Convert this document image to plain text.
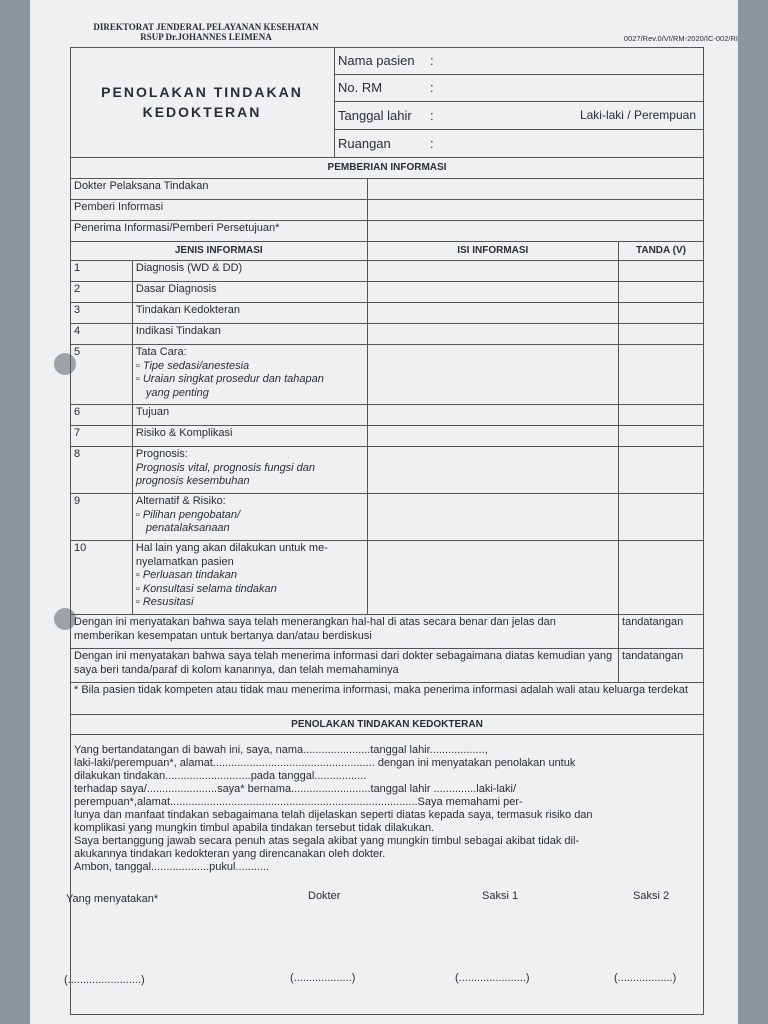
DIREKTORAT JENDERAL PELAYANAN KESEHATAN
RSUP Dr.JOHANNES LEIMENA	0027/Rev.0/VI/RM-2020/IC-002/RI
PENOLAKAN TINDAKAN
KEDOKTERAN
Nama pasien	:
No. RM	:
Tanggal lahir	:	Laki-laki / Perempuan
Ruangan	:
PEMBERIAN INFORMASI			
Dokter Pelaksana Tindakan			
Pemberi Informasi			
Penerima Informasi/Pemberi Persetujuan*			
JENIS INFORMASI		ISI INFORMASI	TANDA (V)
1	Diagnosis (WD & DD)		
2	Dasar Diagnosis		
3	Tindakan Kedokteran		
4	Indikasi Tindakan		
5	Tata Cara:
▫ Tipe sedasi/anestesia
▫ Uraian singkat prosedur dan tahapan
yang penting		

6	Tujuan		
7	Risiko & Komplikasi		
8	Prognosis:
Prognosis vital, prognosis fungsi dan
prognosis kesembuhan		

9	Alternatif & Risiko:
▫ Pilihan pengobatan/
penatalaksanaan		

10	Hal lain yang akan dilakukan untuk me-
nyelamatkan pasien
▫ Perluasan tindakan
▫ Konsultasi selama tindakan
▫ Resusitasi		

Dengan ini menyatakan bahwa saya telah menerangkan hal-hal di atas secara benar dan jelas dan memberikan kesempatan untuk bertanya dan/atau berdiskusi			tandatangan
Dengan ini menyatakan bahwa saya telah menerima informasi dari dokter sebagaimana diatas kemudian yang saya beri tanda/paraf di kolom kanannya, dan telah memahaminya			tandatangan
* Bila pasien tidak kompeten atau tidak mau menerima informasi, maka penerima informasi adalah wali atau keluarga terdekat			
PENOLAKAN TINDAKAN KEDOKTERAN			
Yang bertandatangan di bawah ini, saya, nama......................tanggal lahir..................,
laki-laki/perempuan*, alamat..................................................... dengan ini menyatakan penolakan untuk
dilakukan tindakan............................pada tanggal.................
terhadap saya/.......................saya* bernama..........................tanggal lahir ..............laki-laki/
perempuan*,alamat.................................................................................Saya memahami per-
lunya dan manfaat tindakan sebagaimana telah dijelaskan seperti diatas kepada saya, termasuk risiko dan
komplikasi yang mungkin timbul apabila tindakan tersebut tidak dilakukan.
Saya bertanggung jawab secara penuh atas segala akibat yang mungkin timbul sebagai akibat tidak dil-
akukannya tindakan kedokteran yang direncanakan oleh dokter.
Ambon, tanggal...................pukul...........
Yang menyatakan*	Dokter	Saksi 1	Saksi 2
(........................)	(...................)	(......................)	(..................)
